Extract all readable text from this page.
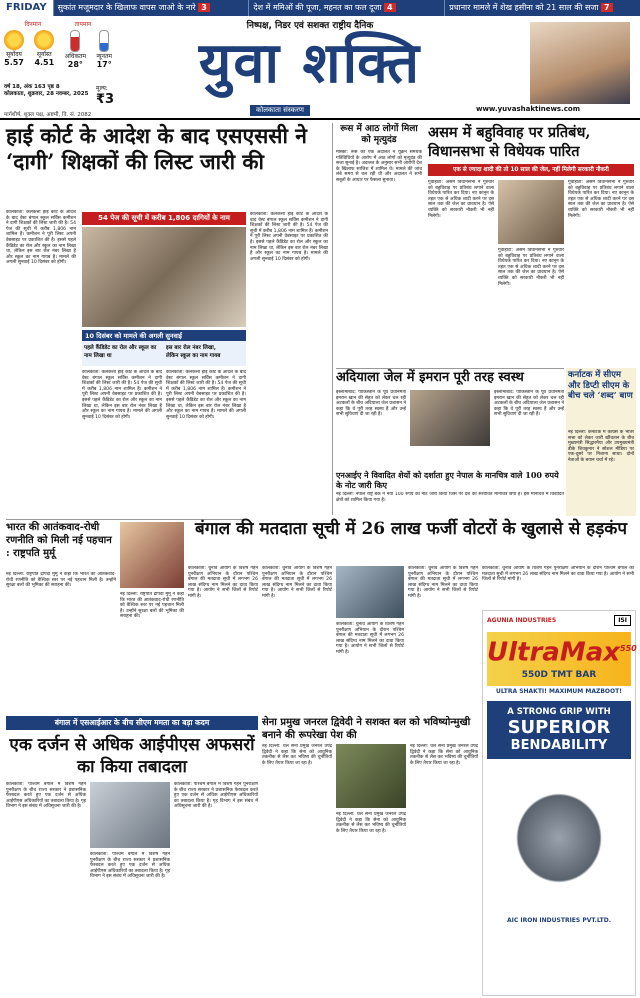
FRIDAY	सुकांत मजूमदार के खिलाफ वापस जाओ के नारे 3	देश में ममिओं की पूजा, महनत का फल दूजा 4	प्रधानार मामले में शेख हसीना को 21 साल की सजा 7
दिनमान	तापमान
सूर्योदय
5.57
सूर्यास्त
4.51
अधिकतम
28°
न्यूनतम
17°
वर्ष 18, अंक 163 पृष्ठ 8
कोलकाता, शुक्रवार, 28 नवम्बर, 2025
मूल्य:
₹3
मार्गशीर्ष, शुक्ल पक्ष, अष्टमी, वि. सं. 2082
निष्पक्ष, निडर एवं सशक्त राष्ट्रीय दैनिक
युवा शक्ति
कोलकाता संस्करण	www.yuvashaktinews.com
हाई कोर्ट के आदेश के बाद एसएससी ने ‘दागी’ शिक्षकों की लिस्ट जारी की
कोलकाता: कलकत्ता हाई कोर्ट के आदेश के बाद वेस्ट बंगाल स्कूल सर्विस कमीशन ने दागी शिक्षकों की लिस्ट जारी की है। 54 पेज की सूची में करीब 1,806 नाम शामिल हैं। कमीशन ने पूरी लिस्ट अपनी वेबसाइट पर प्रकाशित की है। इससे पहले कैंडिडेट का रोल और स्कूल का नाम लिखा था, लेकिन इस बार रोल नंबर लिखा है और स्कूल का नाम गायब है। मामले की अगली सुनवाई 10 दिसंबर को होगी।
54 पेज की सूची में करीब 1,806 दागियों के नाम
10 दिसंबर को मामले की अगली सुनवाई
पहले कैंडिडेट का रोल और स्कूल का नाम लिखा था
इस बार रोल नंबर लिखा,
लेकिन स्कूल का नाम गायब
कोलकाता: कलकत्ता हाई कोर्ट के आदेश के बाद वेस्ट बंगाल स्कूल सर्विस कमीशन ने दागी शिक्षकों की लिस्ट जारी की है। 54 पेज की सूची में करीब 1,806 नाम शामिल हैं। कमीशन ने पूरी लिस्ट अपनी वेबसाइट पर प्रकाशित की है। इससे पहले कैंडिडेट का रोल और स्कूल का नाम लिखा था, लेकिन इस बार रोल नंबर लिखा है और स्कूल का नाम गायब है। मामले की अगली सुनवाई 10 दिसंबर को होगी।
कोलकाता: कलकत्ता हाई कोर्ट के आदेश के बाद वेस्ट बंगाल स्कूल सर्विस कमीशन ने दागी शिक्षकों की लिस्ट जारी की है। 54 पेज की सूची में करीब 1,806 नाम शामिल हैं। कमीशन ने पूरी लिस्ट अपनी वेबसाइट पर प्रकाशित की है। इससे पहले कैंडिडेट का रोल और स्कूल का नाम लिखा था, लेकिन इस बार रोल नंबर लिखा है और स्कूल का नाम गायब है। मामले की अगली सुनवाई 10 दिसंबर को होगी।
कोलकाता: कलकत्ता हाई कोर्ट के आदेश के बाद वेस्ट बंगाल स्कूल सर्विस कमीशन ने दागी शिक्षकों की लिस्ट जारी की है। 54 पेज की सूची में करीब 1,806 नाम शामिल हैं। कमीशन ने पूरी लिस्ट अपनी वेबसाइट पर प्रकाशित की है। इससे पहले कैंडिडेट का रोल और स्कूल का नाम लिखा था, लेकिन इस बार रोल नंबर लिखा है और स्कूल का नाम गायब है। मामले की अगली सुनवाई 10 दिसंबर को होगी।
रूस में आठ लोगों मिला को मृत्युदंड
मॉस्को: रूस की एक अदालत ने यूक्रेन समर्थक गतिविधियों के आरोप में आठ लोगों को मृत्युदंड की सजा सुनाई है। अदालत के अनुसार सभी आरोपी देश के खिलाफ साजिश में शामिल थे। मामले की जांच लंबे समय से चल रही थी और अदालत ने सभी सबूतों के आधार पर फैसला सुनाया।
असम में बहुविवाह पर प्रतिबंध, विधानसभा से विधेयक पारित
एक से ज्यादा शादी की तो 10 साल की जेल, नहीं मिलेगी सरकारी नौकरी
गुवाहाटी: असम विधानसभा ने गुरुवार को बहुविवाह पर प्रतिबंध लगाने वाला विधेयक पारित कर दिया। नए कानून के तहत एक से अधिक शादी करने पर दस साल तक की जेल का प्रावधान है। ऐसे व्यक्ति को सरकारी नौकरी भी नहीं मिलेगी।
गुवाहाटी: असम विधानसभा ने गुरुवार को बहुविवाह पर प्रतिबंध लगाने वाला विधेयक पारित कर दिया। नए कानून के तहत एक से अधिक शादी करने पर दस साल तक की जेल का प्रावधान है। ऐसे व्यक्ति को सरकारी नौकरी भी नहीं मिलेगी।
गुवाहाटी: असम विधानसभा ने गुरुवार को बहुविवाह पर प्रतिबंध लगाने वाला विधेयक पारित कर दिया। नए कानून के तहत एक से अधिक शादी करने पर दस साल तक की जेल का प्रावधान है। ऐसे व्यक्ति को सरकारी नौकरी भी नहीं मिलेगी।
अदियाला जेल में इमरान पूरी तरह स्वस्थ
इस्लामाबाद: पाकिस्तान के पूर्व प्रधानमंत्री इमरान खान की सेहत को लेकर चल रही अटकलों के बीच अदियाला जेल प्रशासन ने कहा कि वे पूरी तरह स्वस्थ हैं और उन्हें सभी सुविधाएं दी जा रही हैं।
इस्लामाबाद: पाकिस्तान के पूर्व प्रधानमंत्री इमरान खान की सेहत को लेकर चल रही अटकलों के बीच अदियाला जेल प्रशासन ने कहा कि वे पूरी तरह स्वस्थ हैं और उन्हें सभी सुविधाएं दी जा रही हैं।
एनआईए ने विवादित शेयों को दर्शाता हुए नेपाल के मानचित्र वाले 100 रुपये के नोट जारी किए
नई दिल्ली: नेपाल राष्ट्र बैंक ने नया 100 रुपये का नोट जारी किया जिस पर देश का संशोधित मानचित्र छपा है। इस मानचित्र में विवादित क्षेत्रों को शामिल किया गया है।
कर्नाटक में सीएम और डिप्टी सीएम के बीच चले ‘शब्द’ बाण
नई दिल्ली: कर्नाटक में कांग्रेस के भीतर सत्ता को लेकर जारी खींचतान के बीच मुख्यमंत्री सिद्धारमैया और उपमुख्यमंत्री डीके शिवकुमार ने सोशल मीडिया पर एक-दूसरे पर निशाना साधा। दोनों नेताओं के बयान चर्चा में रहे।
भारत की आतंकवाद-रोधी रणनीति को मिली नई पहचान : राष्ट्रपति मुर्मू
नई दिल्ली: राष्ट्रपति द्रौपदी मुर्मू ने कहा कि भारत की आतंकवाद-रोधी रणनीति को वैश्विक स्तर पर नई पहचान मिली है। उन्होंने सुरक्षा बलों की भूमिका की सराहना की।
नई दिल्ली: राष्ट्रपति द्रौपदी मुर्मू ने कहा कि भारत की आतंकवाद-रोधी रणनीति को वैश्विक स्तर पर नई पहचान मिली है। उन्होंने सुरक्षा बलों की भूमिका की सराहना की।
बंगाल की मतदाता सूची में 26 लाख फर्जी वोटरों के खुलासे से हड़कंप
कोलकाता: चुनाव आयोग के विशेष गहन पुनरीक्षण अभियान के दौरान पश्चिम बंगाल की मतदाता सूची में लगभग 26 लाख संदिग्ध नाम मिलने का दावा किया गया है। आयोग ने सभी जिलों से रिपोर्ट मांगी है।
कोलकाता: चुनाव आयोग के विशेष गहन पुनरीक्षण अभियान के दौरान पश्चिम बंगाल की मतदाता सूची में लगभग 26 लाख संदिग्ध नाम मिलने का दावा किया गया है। आयोग ने सभी जिलों से रिपोर्ट मांगी है।
कोलकाता: चुनाव आयोग के विशेष गहन पुनरीक्षण अभियान के दौरान पश्चिम बंगाल की मतदाता सूची में लगभग 26 लाख संदिग्ध नाम मिलने का दावा किया गया है। आयोग ने सभी जिलों से रिपोर्ट मांगी है।
कोलकाता: चुनाव आयोग के विशेष गहन पुनरीक्षण अभियान के दौरान पश्चिम बंगाल की मतदाता सूची में लगभग 26 लाख संदिग्ध नाम मिलने का दावा किया गया है। आयोग ने सभी जिलों से रिपोर्ट मांगी है।
कोलकाता: चुनाव आयोग के विशेष गहन पुनरीक्षण अभियान के दौरान पश्चिम बंगाल की मतदाता सूची में लगभग 26 लाख संदिग्ध नाम मिलने का दावा किया गया है। आयोग ने सभी जिलों से रिपोर्ट मांगी है।
सेना प्रमुख जनरल द्विवेदी ने सशक्त बल को भविष्योन्मुखी बनाने की रूपरेखा पेश की
नई दिल्ली: थल सेना प्रमुख जनरल उपेंद्र द्विवेदी ने कहा कि सेना को आधुनिक तकनीक से लैस कर भविष्य की चुनौतियों के लिए तैयार किया जा रहा है।
नई दिल्ली: थल सेना प्रमुख जनरल उपेंद्र द्विवेदी ने कहा कि सेना को आधुनिक तकनीक से लैस कर भविष्य की चुनौतियों के लिए तैयार किया जा रहा है।
नई दिल्ली: थल सेना प्रमुख जनरल उपेंद्र द्विवेदी ने कहा कि सेना को आधुनिक तकनीक से लैस कर भविष्य की चुनौतियों के लिए तैयार किया जा रहा है।
बंगाल में एसआईआर के बीच सीएम ममता का बड़ा कदम
एक दर्जन से अधिक आईपीएस अफसरों का किया तबादला
कोलकाता: पश्चिम बंगाल में विशेष गहन पुनरीक्षण के बीच राज्य सरकार ने प्रशासनिक फेरबदल करते हुए एक दर्जन से अधिक आईपीएस अधिकारियों का तबादला किया है। गृह विभाग ने इस संबंध में अधिसूचना जारी की है।
कोलकाता: पश्चिम बंगाल में विशेष गहन पुनरीक्षण के बीच राज्य सरकार ने प्रशासनिक फेरबदल करते हुए एक दर्जन से अधिक आईपीएस अधिकारियों का तबादला किया है। गृह विभाग ने इस संबंध में अधिसूचना जारी की है।
कोलकाता: पश्चिम बंगाल में विशेष गहन पुनरीक्षण के बीच राज्य सरकार ने प्रशासनिक फेरबदल करते हुए एक दर्जन से अधिक आईपीएस अधिकारियों का तबादला किया है। गृह विभाग ने इस संबंध में अधिसूचना जारी की है।
AGUNIA INDUSTRIES	ISI
UltraMax$^{550}$
550D TMT BAR
ULTRA SHAKTI! MAXIMUM MAZBOOT!
A STRONG GRIP WITH
SUPERIOR
BENDABILITY
AIC IRON INDUSTRIES PVT.LTD.
